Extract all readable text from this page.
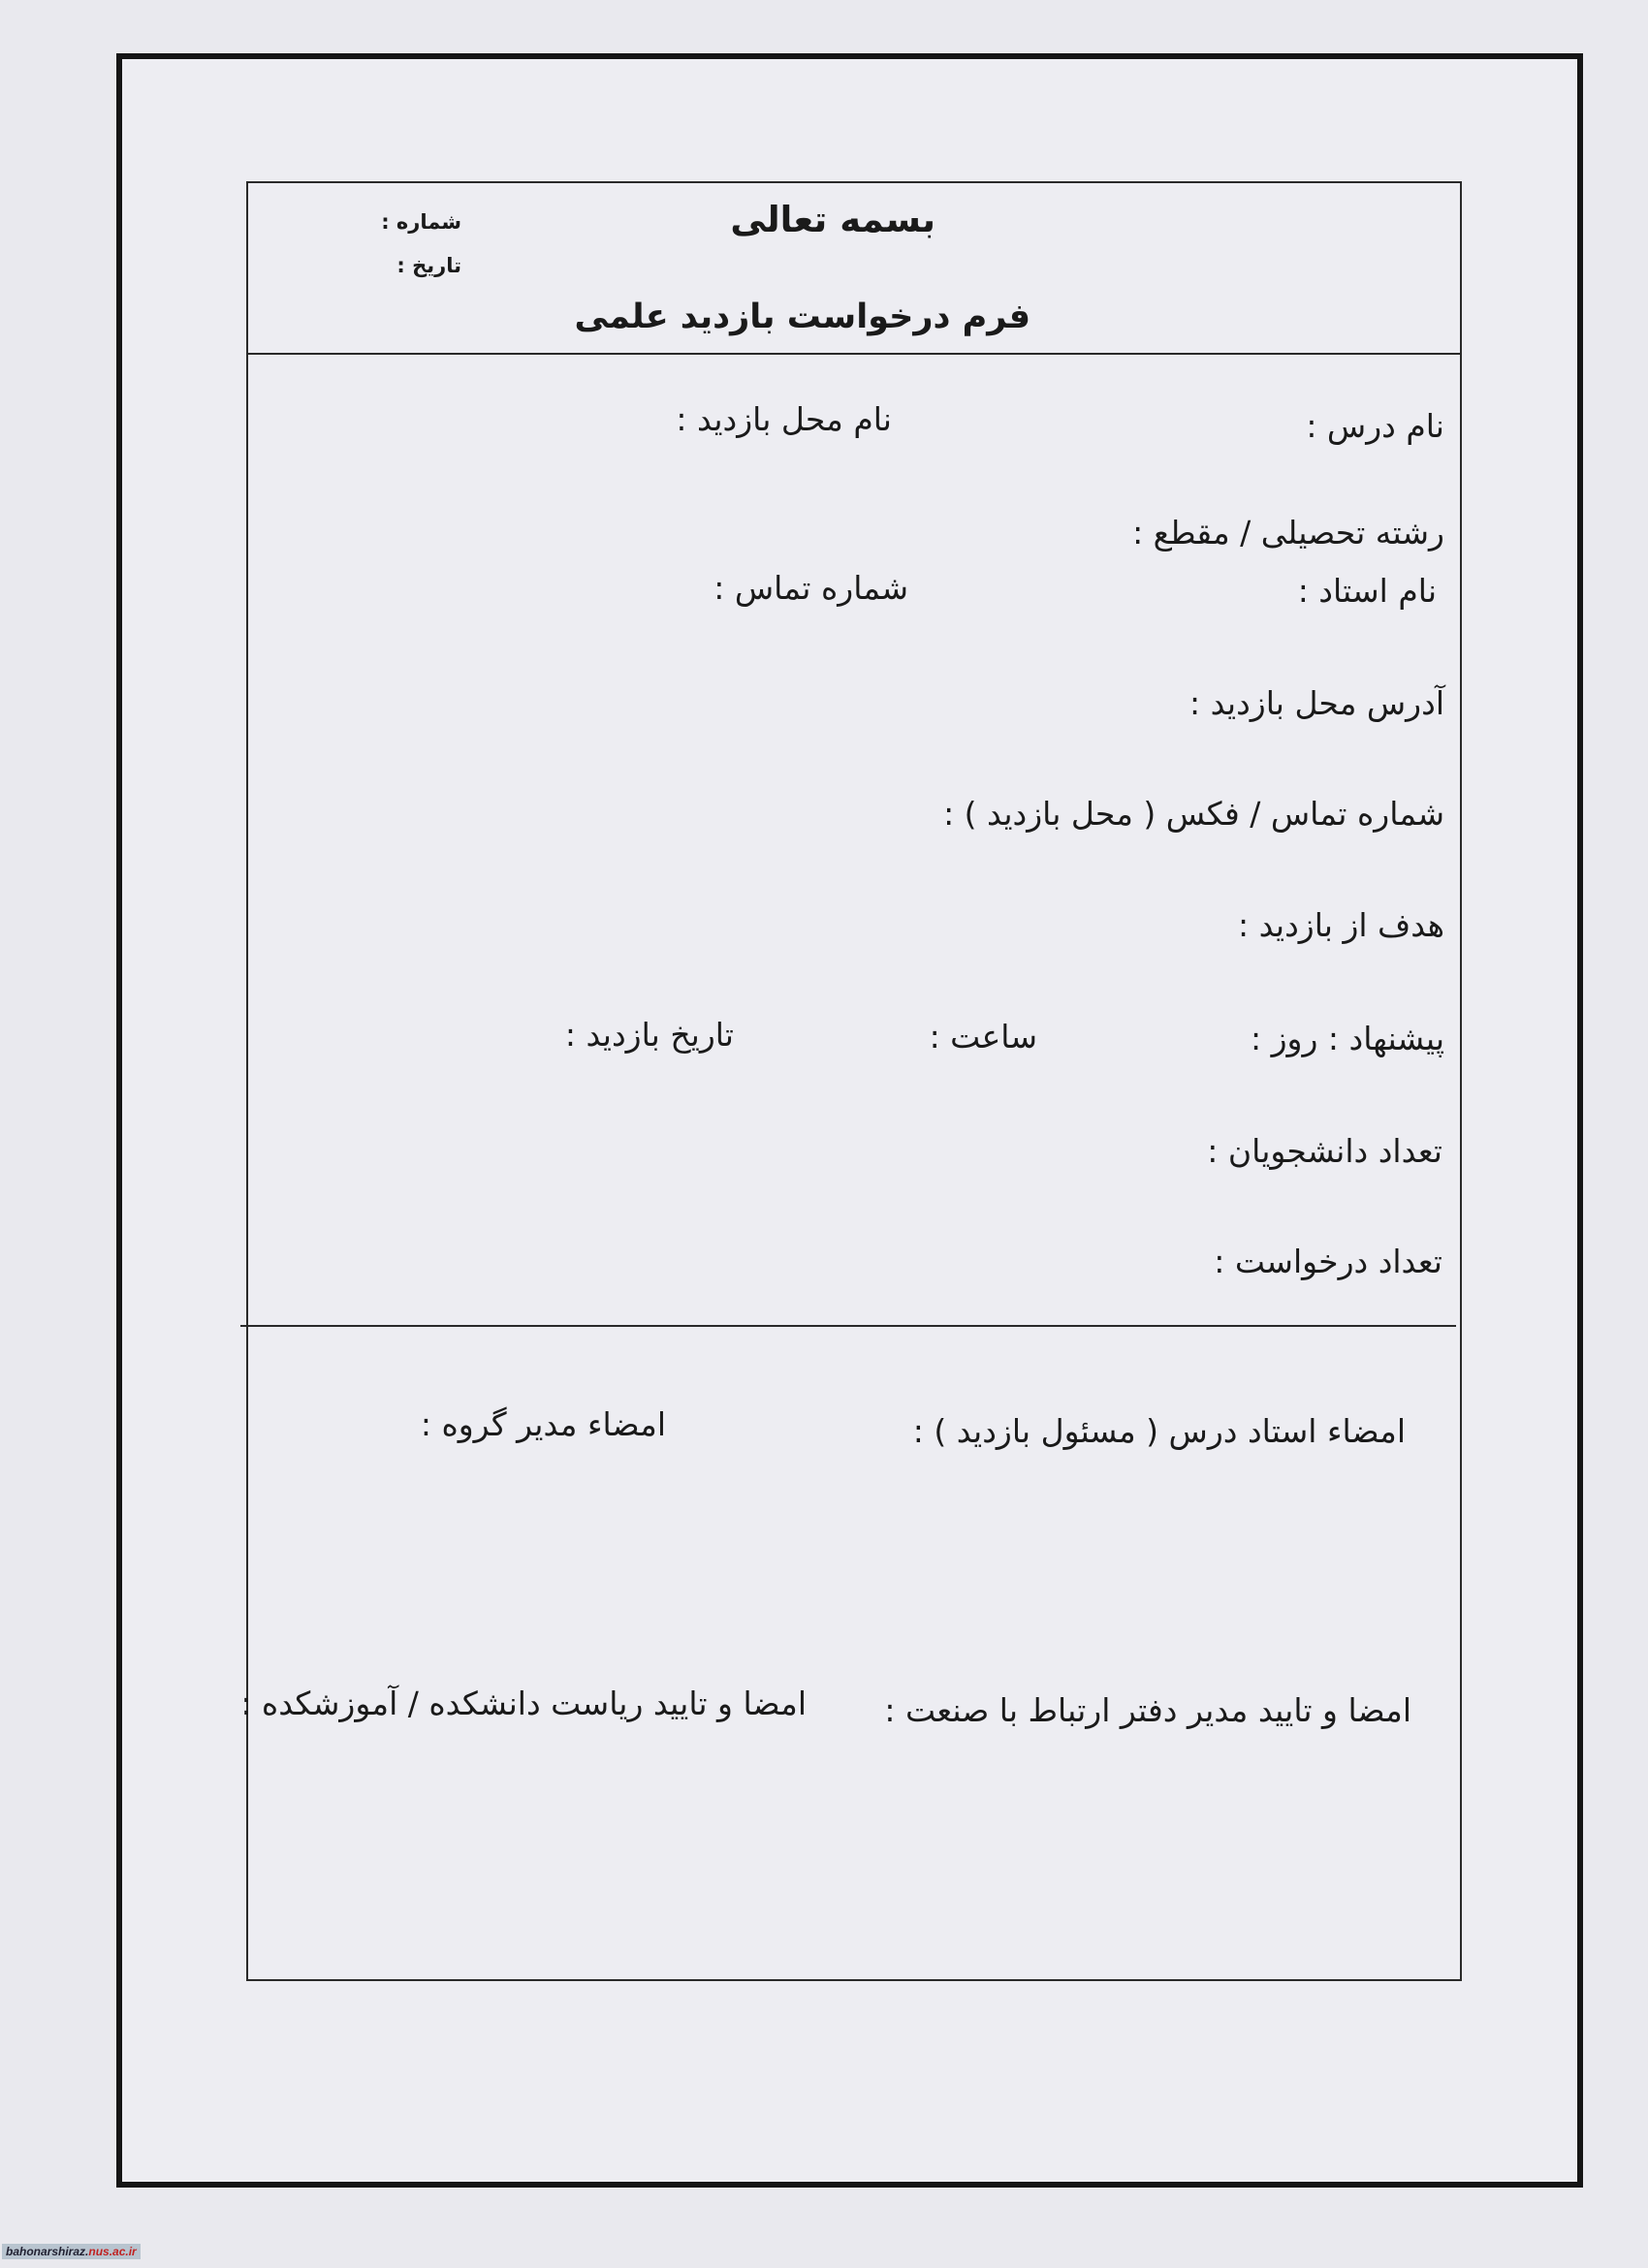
بسمه تعالی
شماره :
تاریخ :
فرم درخواست بازدید علمی
نام درس :
نام محل بازدید :
رشته تحصیلی / مقطع :
نام استاد :
شماره تماس :
آدرس محل بازدید :
شماره تماس / فکس ( محل بازدید ) :
هدف از بازدید :
پیشنهاد : روز :
ساعت :
تاریخ بازدید :
تعداد دانشجویان :
تعداد درخواست :
امضاء استاد درس ( مسئول بازدید ) :
امضاء مدیر گروه :
امضا و تایید مدیر دفتر ارتباط با صنعت :
امضا و تایید ریاست دانشکده / آموزشکده :
bahonarshiraz.nus.ac.ir
